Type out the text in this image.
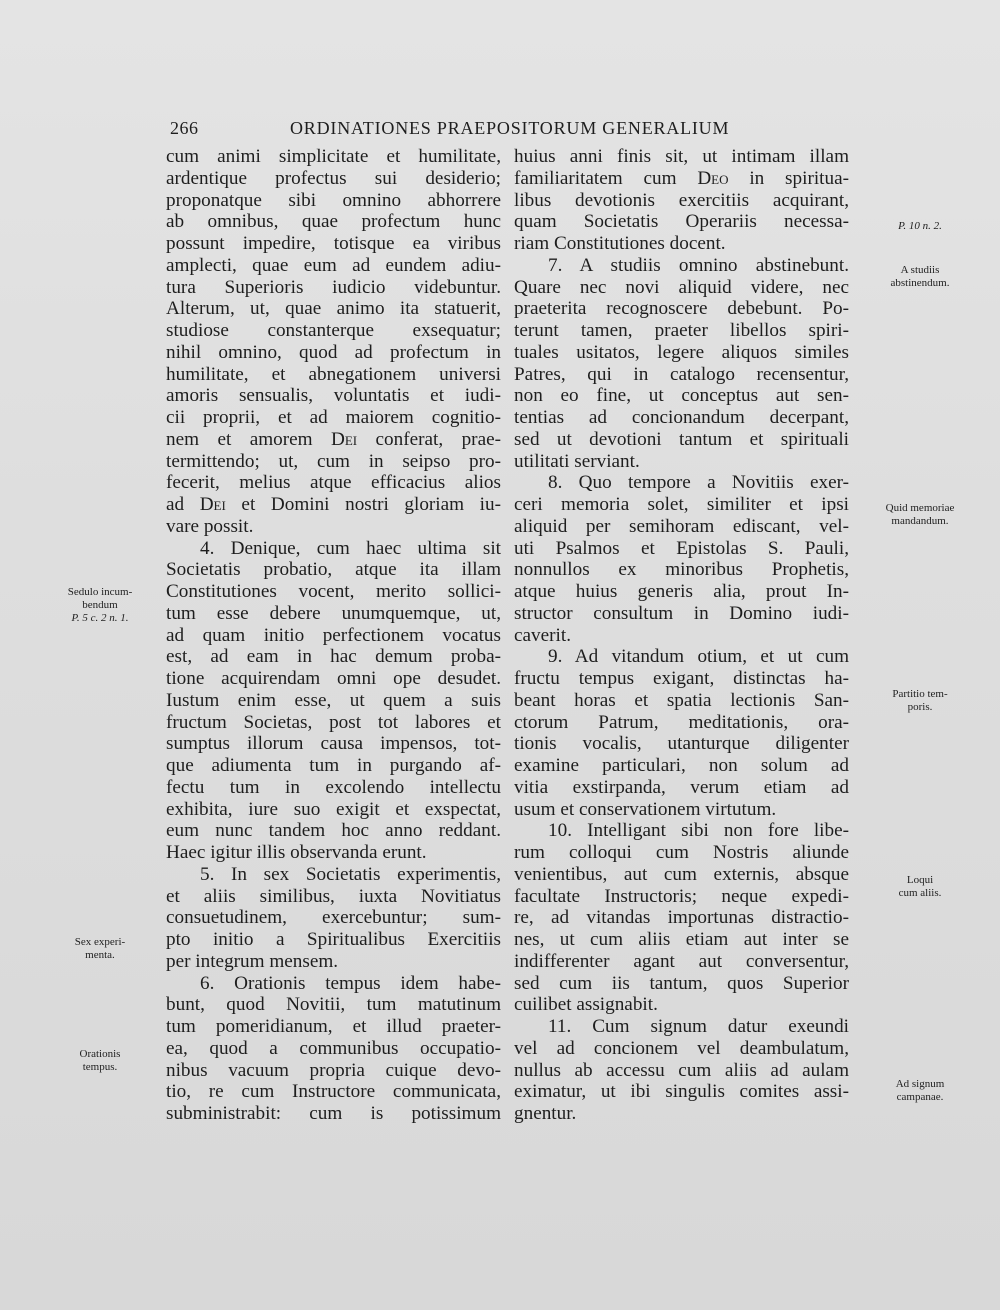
266	ORDINATIONES PRAEPOSITORUM GENERALIUM
cum animi simplicitate et humilitate,
ardentique profectus sui desiderio;
proponatque sibi omnino abhorrere
ab omnibus, quae profectum hunc
possunt impedire, totisque ea viribus
amplecti, quae eum ad eundem adiu-
tura Superioris iudicio videbuntur.
Alterum, ut, quae animo ita statuerit,
studiose constanterque exsequatur;
nihil omnino, quod ad profectum in
humilitate, et abnegationem universi
amoris sensualis, voluntatis et iudi-
cii proprii, et ad maiorem cognitio-
nem et amorem Dei conferat, prae-
termittendo; ut, cum in seipso pro-
fecerit, melius atque efficacius alios
ad Dei et Domini nostri gloriam iu-
vare possit.
4. Denique, cum haec ultima sit
Societatis probatio, atque ita illam
Constitutiones vocent, merito sollici-
tum esse debere unumquemque, ut,
ad quam initio perfectionem vocatus
est, ad eam in hac demum proba-
tione acquirendam omni ope desudet.
Iustum enim esse, ut quem a suis
fructum Societas, post tot labores et
sumptus illorum causa impensos, tot-
que adiumenta tum in purgando af-
fectu tum in excolendo intellectu
exhibita, iure suo exigit et exspectat,
eum nunc tandem hoc anno reddant.
Haec igitur illis observanda erunt.
5. In sex Societatis experimentis,
et aliis similibus, iuxta Novitiatus
consuetudinem, exercebuntur; sum-
pto initio a Spiritualibus Exercitiis
per integrum mensem.
6. Orationis tempus idem habe-
bunt, quod Novitii, tum matutinum
tum pomeridianum, et illud praeter-
ea, quod a communibus occupatio-
nibus vacuum propria cuique devo-
tio, re cum Instructore communicata,
subministrabit: cum is potissimum
huius anni finis sit, ut intimam illam
familiaritatem cum Deo in spiritua-
libus devotionis exercitiis acquirant,
quam Societatis Operariis necessa-
riam Constitutiones docent.
7. A studiis omnino abstinebunt.
Quare nec novi aliquid videre, nec
praeterita recognoscere debebunt. Po-
terunt tamen, praeter libellos spiri-
tuales usitatos, legere aliquos similes
Patres, qui in catalogo recensentur,
non eo fine, ut conceptus aut sen-
tentias ad concionandum decerpant,
sed ut devotioni tantum et spirituali
utilitati serviant.
8. Quo tempore a Novitiis exer-
ceri memoria solet, similiter et ipsi
aliquid per semihoram ediscant, vel-
uti Psalmos et Epistolas S. Pauli,
nonnullos ex minoribus Prophetis,
atque huius generis alia, prout In-
structor consultum in Domino iudi-
caverit.
9. Ad vitandum otium, et ut cum
fructu tempus exigant, distinctas ha-
beant horas et spatia lectionis San-
ctorum Patrum, meditationis, ora-
tionis vocalis, utanturque diligenter
examine particulari, non solum ad
vitia exstirpanda, verum etiam ad
usum et conservationem virtutum.
10. Intelligant sibi non fore libe-
rum colloqui cum Nostris aliunde
venientibus, aut cum externis, absque
facultate Instructoris; neque expedi-
re, ad vitandas importunas distractio-
nes, ut cum aliis etiam aut inter se
indifferenter agant aut conversentur,
sed cum iis tantum, quos Superior
cuilibet assignabit.
11. Cum signum datur exeundi
vel ad concionem vel deambulatum,
nullus ab accessu cum aliis ad aulam
eximatur, ut ibi singulis comites assi-
gnentur.
Sedulo incum-
bendum
P. 5 c. 2 n. 1.
Sex experi-
menta.
Orationis
tempus.
P. 10 n. 2.
A studiis
abstinendum.
Quid memoriae
mandandum.
Partitio tem-
poris.
Loqui
cum aliis.
Ad signum
campanae.
